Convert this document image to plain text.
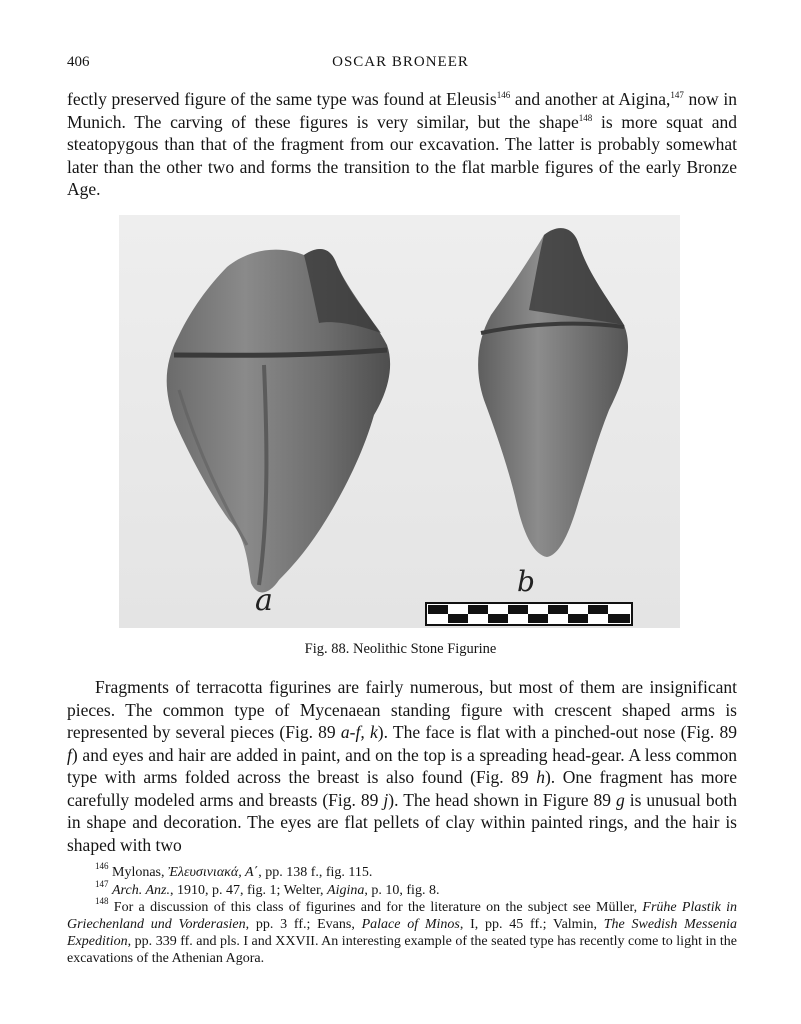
406	OSCAR BRONEER
fectly preserved figure of the same type was found at Eleusis$^{146}$ and another at Aigina,$^{147}$ now in Munich. The carving of these figures is very similar, but the shape$^{148}$ is more squat and steatopygous than that of the fragment from our excavation. The latter is probably somewhat later than the other two and forms the transition to the flat marble figures of the early Bronze Age.
a
b
Fig. 88. Neolithic Stone Figurine
Fragments of terracotta figurines are fairly numerous, but most of them are insignificant pieces. The common type of Mycenaean standing figure with crescent shaped arms is represented by several pieces (Fig. 89 a-f, k). The face is flat with a pinched-out nose (Fig. 89 f) and eyes and hair are added in paint, and on the top is a spreading head-gear. A less common type with arms folded across the breast is also found (Fig. 89 h). One fragment has more carefully modeled arms and breasts (Fig. 89 j). The head shown in Figure 89 g is unusual both in shape and decoration. The eyes are flat pellets of clay within painted rings, and the hair is shaped with two
$^{146}$ Mylonas, Ἐλευσινιακά, Α΄, pp. 138 f., fig. 115.
$^{147}$ Arch. Anz., 1910, p. 47, fig. 1; Welter, Aigina, p. 10, fig. 8.
$^{148}$ For a discussion of this class of figurines and for the literature on the subject see Müller, Frühe Plastik in Griechenland und Vorderasien, pp. 3 ff.; Evans, Palace of Minos, I, pp. 45 ff.; Valmin, The Swedish Messenia Expedition, pp. 339 ff. and pls. I and XXVII. An interesting example of the seated type has recently come to light in the excavations of the Athenian Agora.
